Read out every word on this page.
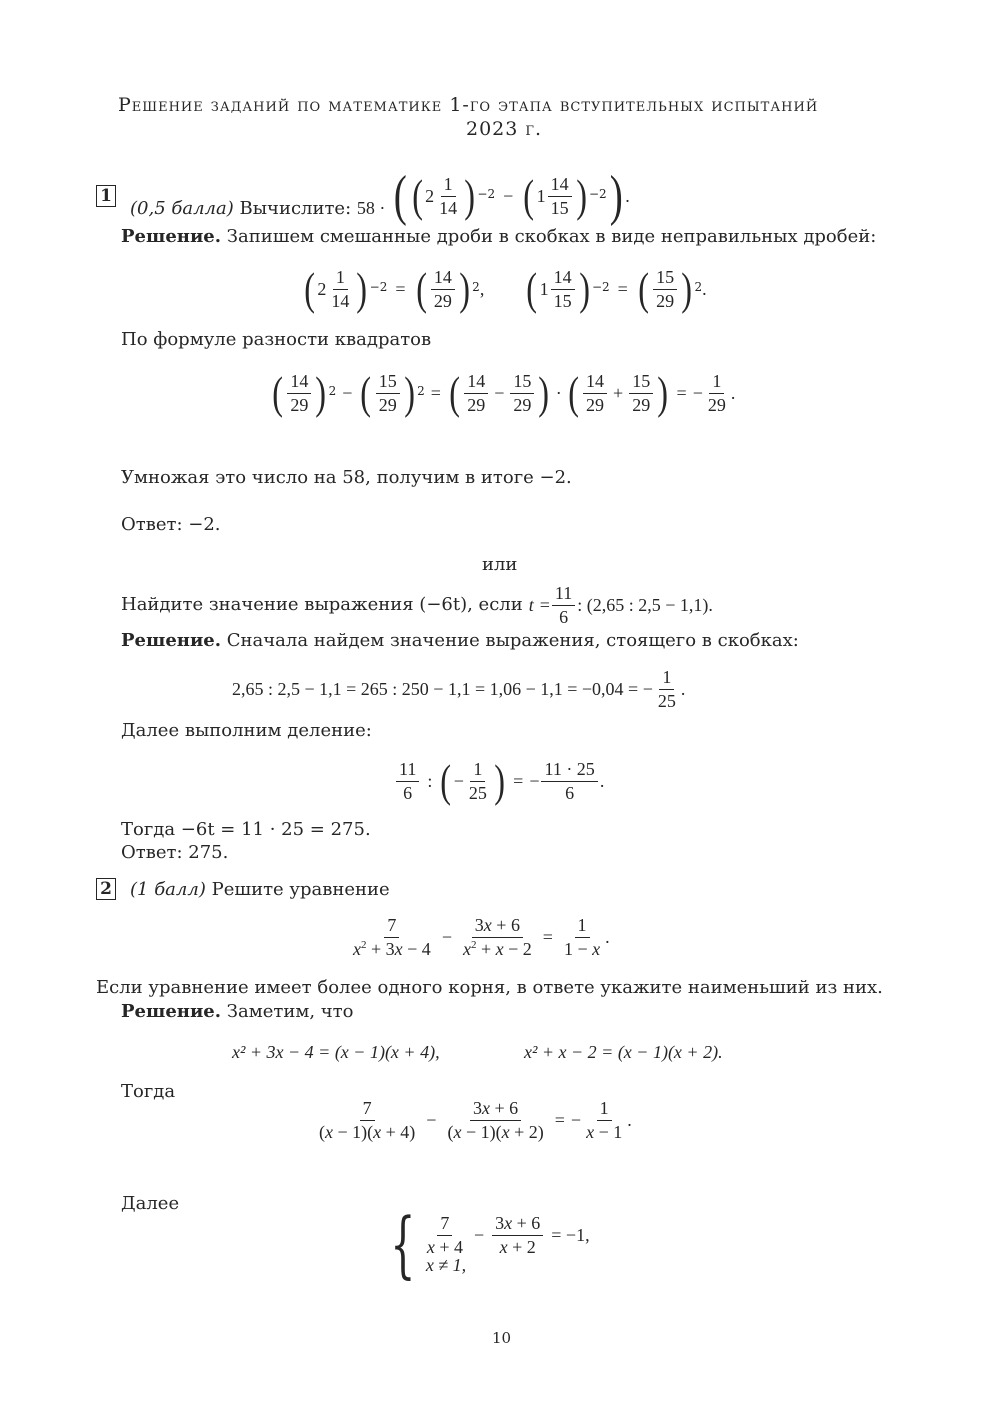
Решение заданий по математике 1-го этапа вступительных испытаний
2023 г.
1
(0,5 балла) Вычислите: 58 · ( ( $2 \frac{1}{14} )^{-2}$ − ( $1 \frac{14}{15} )^{-2}$ ) .
Решение. Запишем смешанные дроби в скобках в виде неправильных дробей:
( $2 \frac{1}{14} )^{-2}$ = ( $\frac{14}{29} )^2$ , ( $1 \frac{14}{15} )^{-2}$ = ( $\frac{15}{29} )^2$ .
По формуле разности квадратов
( $\frac{14}{29} )^2$ − ( $\frac{15}{29} )^2$ = ( $\frac{14}{29} - \frac{15}{29}$ ) · ( $\frac{14}{29} + \frac{15}{29}$ ) = − $\frac{1}{29}$ .
Умножая это число на 58, получим в итоге −2.
Ответ: −2.
или
Найдите значение выражения (−6t), если $t = \frac{11}{6}$ : (2,65 : 2,5 − 1,1).
Решение. Сначала найдем значение выражения, стоящего в скобках:
2,65 : 2,5 − 1,1 = 265 : 250 − 1,1 = 1,06 − 1,1 = −0,04 = − $\frac{1}{25}$ .
Далее выполним деление:
$\frac{11}{6}$ : ( − $\frac{1}{25}$ ) = − $\frac{11 \cdot 25}{6}$ .
Тогда −6t = 11 · 25 = 275.
Ответ: 275.
2 (1 балл) Решите уравнение
$\frac{7}{x^2 + 3x - 4} - \frac{3x + 6}{x^2 + x - 2} = \frac{1}{1 - x}$ .
Если уравнение имеет более одного корня, в ответе укажите наименьший из них.
Решение. Заметим, что
x² + 3x − 4 = (x − 1)(x + 4),	x² + x − 2 = (x − 1)(x + 2).
Тогда
$\frac{7}{(x - 1)(x + 4)} - \frac{3x + 6}{(x - 1)(x + 2)}$ = − $\frac{1}{x - 1}$ .
Далее	{ $\frac{7}{x + 4} - \frac{3x + 6}{x + 2} = -1$,
x ≠ 1,
10
